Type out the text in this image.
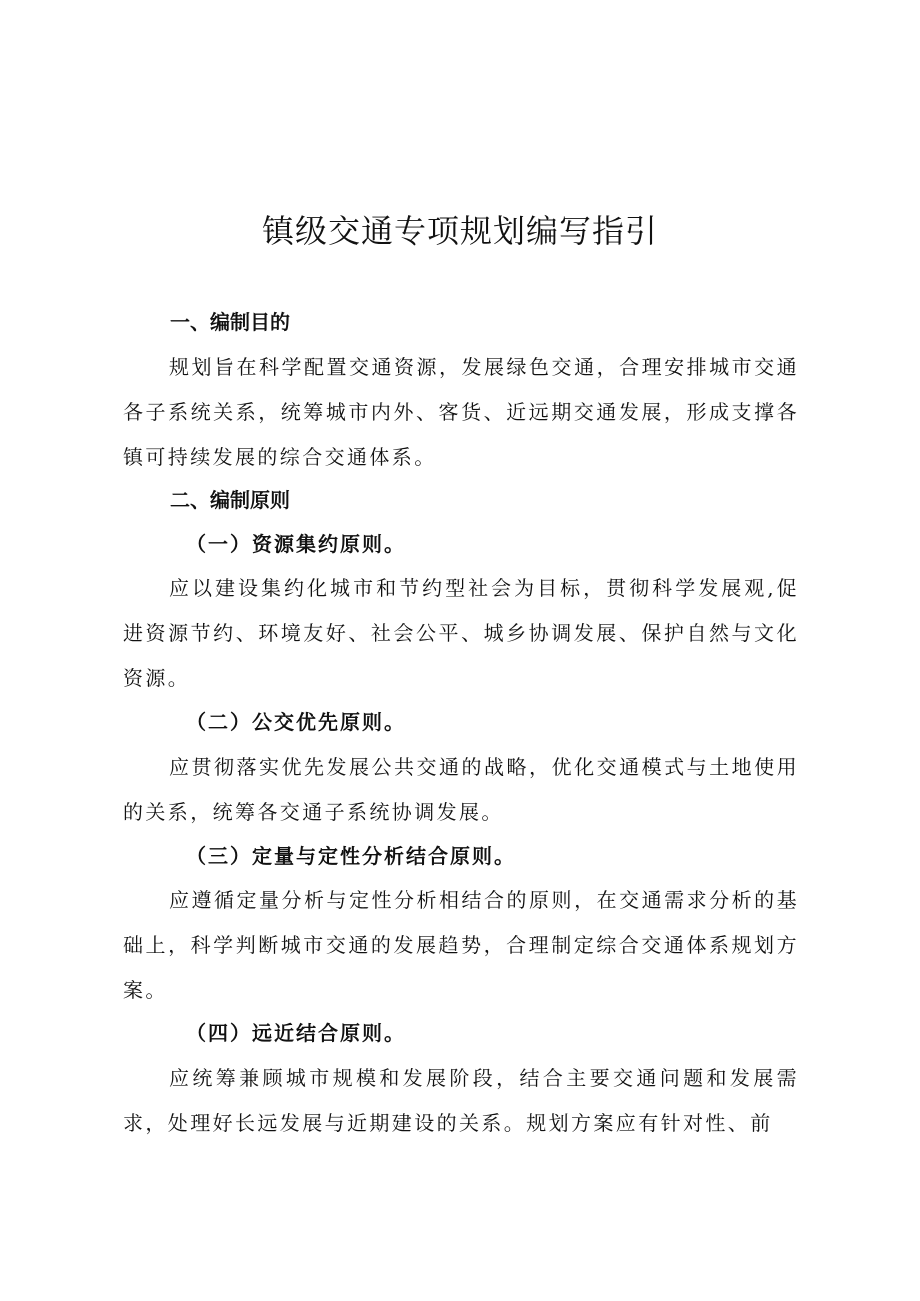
镇级交通专项规划编写指引
一、编制目的

规划旨在科学配置交通资源，发展绿色交通，合理安排城市交通各子系统关系，统筹城市内外、客货、近远期交通发展，形成支撑各镇可持续发展的综合交通体系。

二、编制原则
（一）资源集约原则。

应以建设集约化城市和节约型社会为目标，贯彻科学发展观,促进资源节约、环境友好、社会公平、城乡协调发展、保护自然与文化资源。

（二）公交优先原则。

应贯彻落实优先发展公共交通的战略，优化交通模式与土地使用的关系，统筹各交通子系统协调发展。

（三）定量与定性分析结合原则。

应遵循定量分析与定性分析相结合的原则，在交通需求分析的基础上，科学判断城市交通的发展趋势，合理制定综合交通体系规划方案。

（四）远近结合原则。

应统筹兼顾城市规模和发展阶段，结合主要交通问题和发展需求，处理好长远发展与近期建设的关系。规划方案应有针对性、前
